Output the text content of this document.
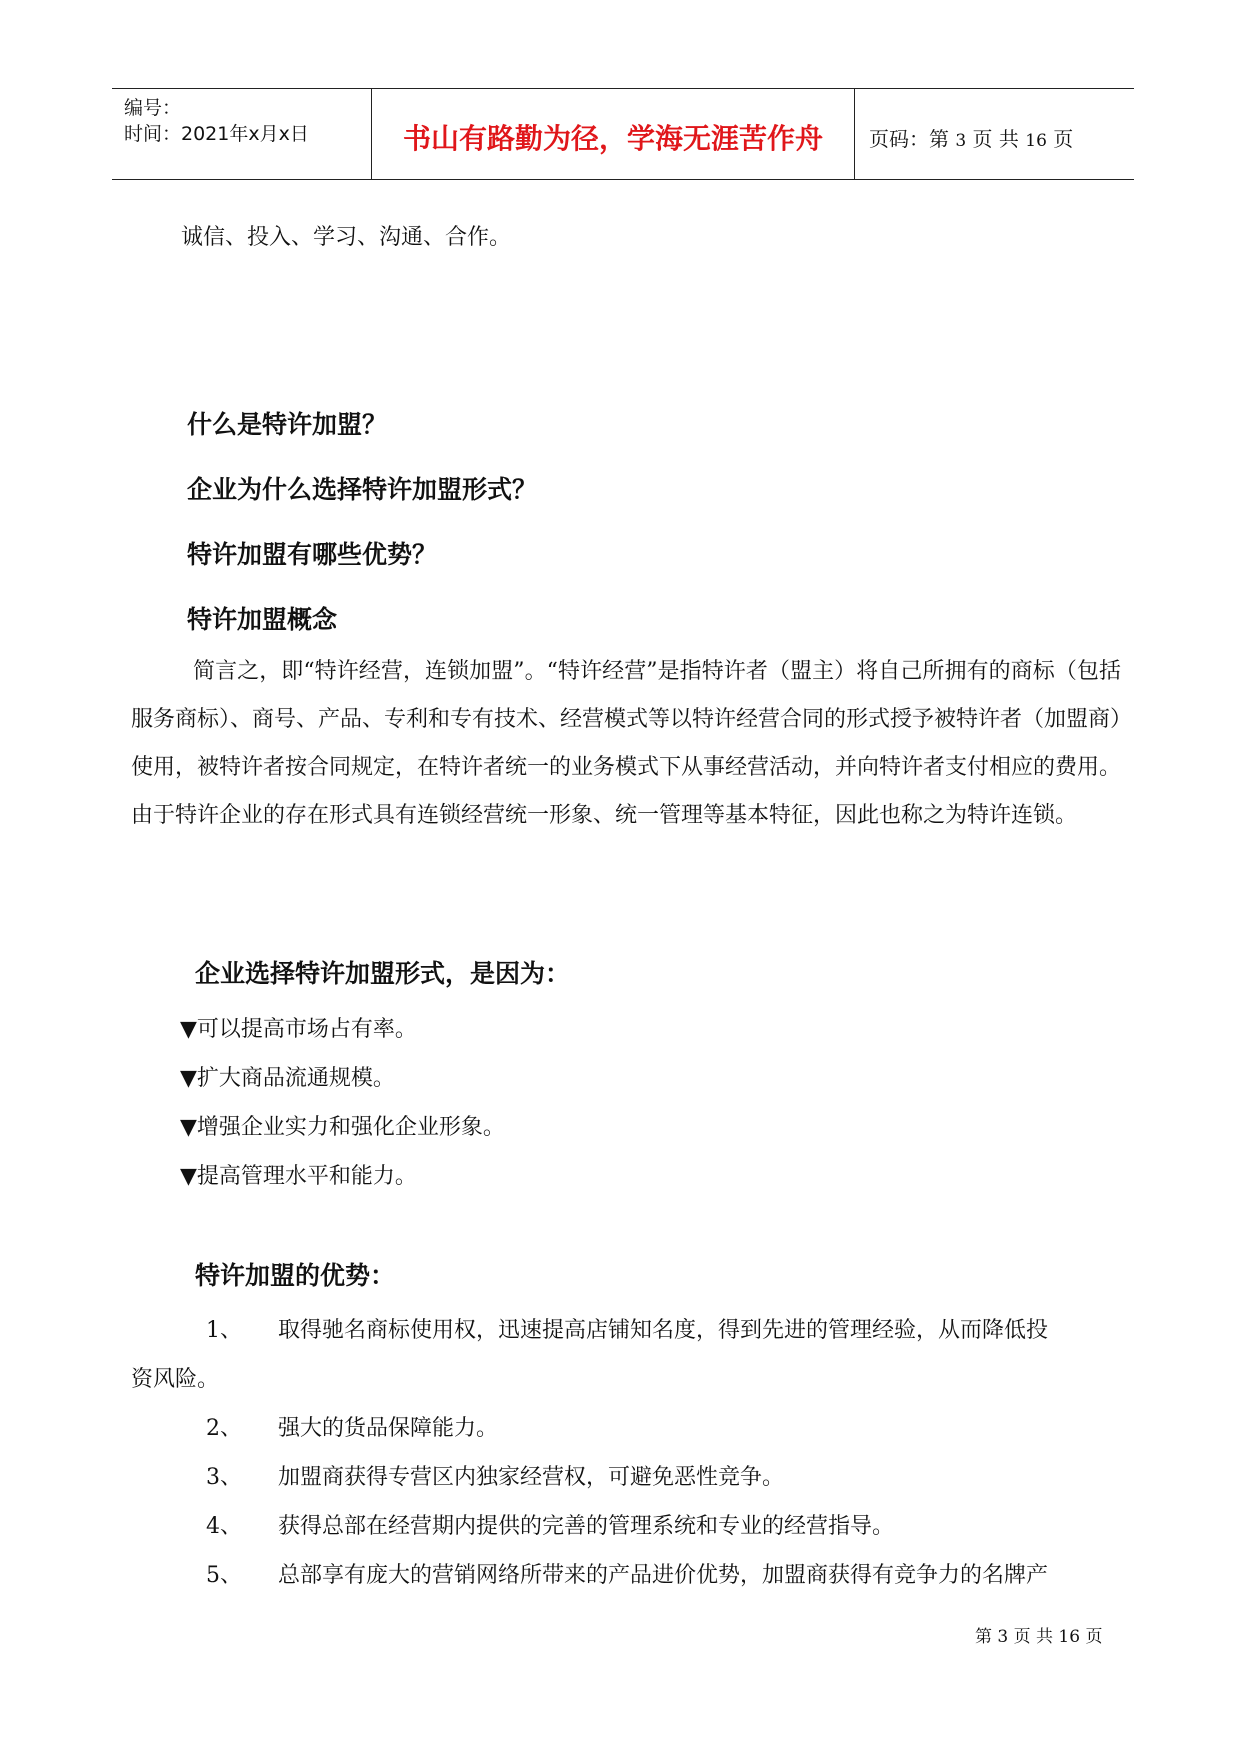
编号：
时间：2021年x月x日	书山有路勤为径，学海无涯苦作舟	页码：第 3 页 共 16 页
诚信、投入、学习、沟通、合作。
什么是特许加盟？
企业为什么选择特许加盟形式？
特许加盟有哪些优势？
特许加盟概念
简言之，即“特许经营，连锁加盟”。“特许经营”是指特许者（盟主）将自己所拥有的商标（包括服务商标）、商号、产品、专利和专有技术、经营模式等以特许经营合同的形式授予被特许者（加盟商）使用，被特许者按合同规定，在特许者统一的业务模式下从事经营活动，并向特许者支付相应的费用。由于特许企业的存在形式具有连锁经营统一形象、统一管理等基本特征，因此也称之为特许连锁。
企业选择特许加盟形式，是因为：
▼可以提高市场占有率。
▼扩大商品流通规模。
▼增强企业实力和强化企业形象。
▼提高管理水平和能力。
特许加盟的优势：
1、 取得驰名商标使用权，迅速提高店铺知名度，得到先进的管理经验，从而降低投
资风险。
2、 强大的货品保障能力。
3、 加盟商获得专营区内独家经营权，可避免恶性竞争。
4、 获得总部在经营期内提供的完善的管理系统和专业的经营指导。
5、 总部享有庞大的营销网络所带来的产品进价优势，加盟商获得有竞争力的名牌产
第 3 页 共 16 页
